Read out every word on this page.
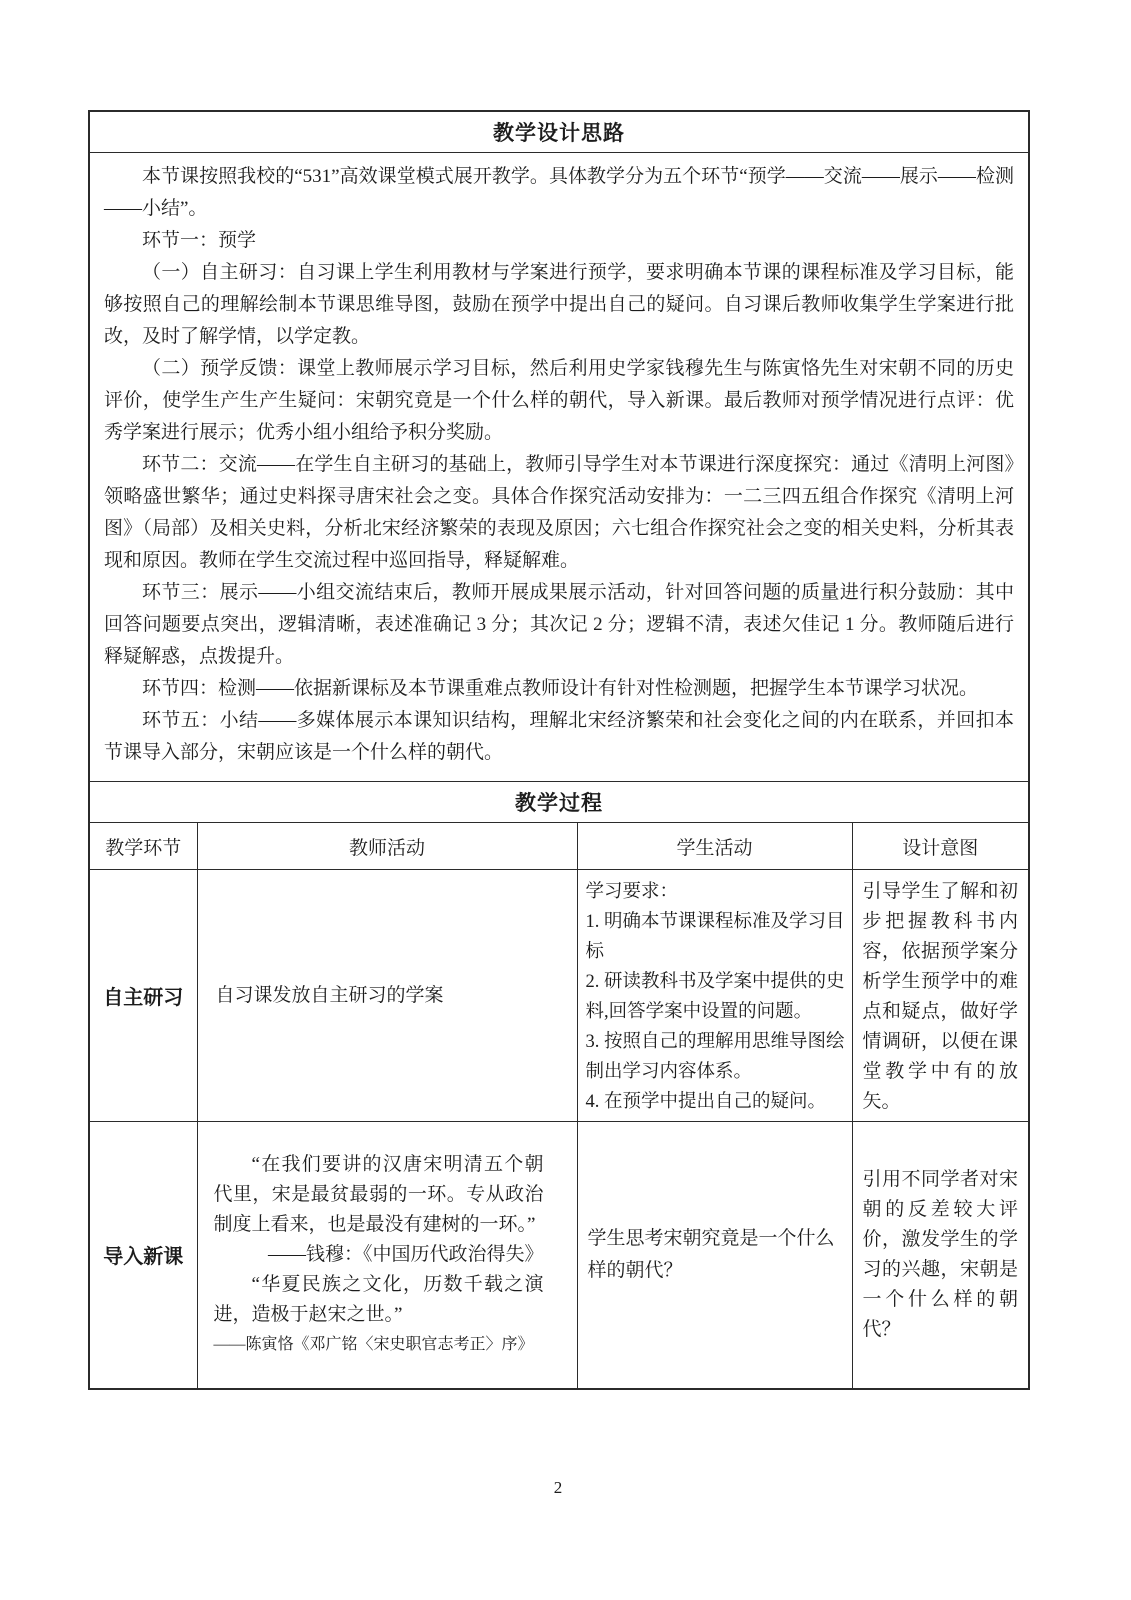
教学设计思路			

本节课按照我校的“531”高效课堂模式展开教学。具体教学分为五个环节“预学——交流——展示——检测——小结”。

环节一：预学

（一）自主研习：自习课上学生利用教材与学案进行预学，要求明确本节课的课程标准及学习目标，能够按照自己的理解绘制本节课思维导图，鼓励在预学中提出自己的疑问。自习课后教师收集学生学案进行批改，及时了解学情，以学定教。

（二）预学反馈：课堂上教师展示学习目标，然后利用史学家钱穆先生与陈寅恪先生对宋朝不同的历史评价，使学生产生产生疑问：宋朝究竟是一个什么样的朝代，导入新课。最后教师对预学情况进行点评：优秀学案进行展示；优秀小组小组给予积分奖励。

环节二：交流——在学生自主研习的基础上，教师引导学生对本节课进行深度探究：通过《清明上河图》领略盛世繁华；通过史料探寻唐宋社会之变。具体合作探究活动安排为：一二三四五组合作探究《清明上河图》（局部）及相关史料，分析北宋经济繁荣的表现及原因；六七组合作探究社会之变的相关史料，分析其表现和原因。教师在学生交流过程中巡回指导，释疑解难。

环节三：展示——小组交流结束后，教师开展成果展示活动，针对回答问题的质量进行积分鼓励：其中回答问题要点突出，逻辑清晰，表述准确记 3 分；其次记 2 分；逻辑不清，表述欠佳记 1 分。教师随后进行释疑解惑，点拨提升。

环节四：检测——依据新课标及本节课重难点教师设计有针对性检测题，把握学生本节课学习状况。

环节五：小结——多媒体展示本课知识结构，理解北宋经济繁荣和社会变化之间的内在联系，并回扣本节课导入部分，宋朝应该是一个什么样的朝代。

教学过程			
教学环节	教师活动	学生活动	设计意图
自主研习	自习课发放自主研习的学案	学习要求：

1. 明确本节课课程标准及学习目标

2. 研读教科书及学案中提供的史料,回答学案中设置的问题。

3. 按照自己的理解用思维导图绘制出学习内容体系。

4. 在预学中提出自己的疑问。	引导学生了解和初步把握教科书内容，依据预学案分析学生预学中的难点和疑点，做好学情调研，以便在课堂教学中有的放矢。

导入新课	“在我们要讲的汉唐宋明清五个朝代里，宋是最贫最弱的一环。专从政治制度上看来，也是最没有建树的一环。”

——钱穆：《中国历代政治得失》

“华夏民族之文化，历数千载之演进，造极于赵宋之世。”

——陈寅恪《邓广铭〈宋史职官志考正〉序》	学生思考宋朝究竟是一个什么样的朝代？	引用不同学者对宋朝的反差较大评价，激发学生的学习的兴趣，宋朝是一个什么样的朝代？

2
